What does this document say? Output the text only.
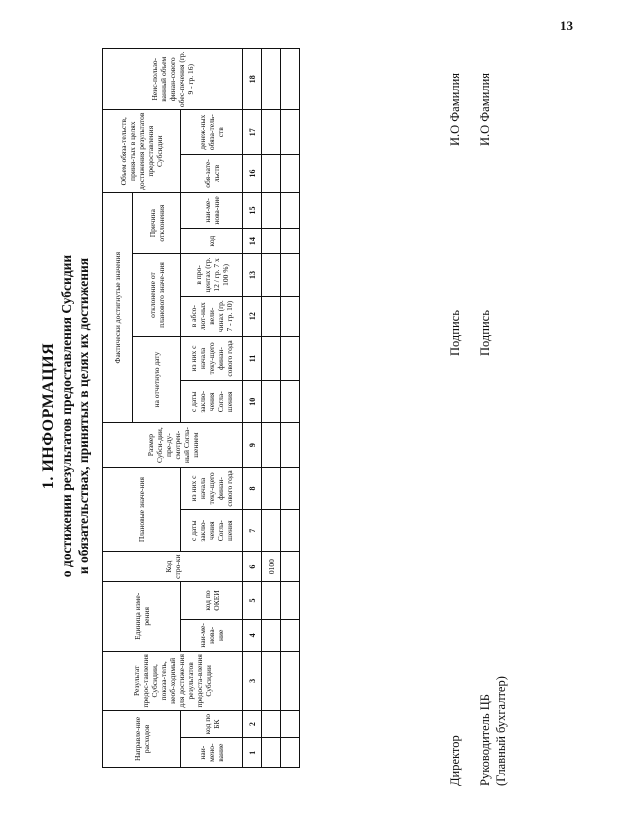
13
1. ИНФОРМАЦИЯ о достижении результатов предоставления Субсидии и обязательствах, принятых в целях их достижения
Направле-ние расходов		Результат предос-тавления Субсидии, показа-тель, необ-ходимый для достиже-ния результатов предоста-вления Субсидии	Единица изме-рения		Код стро-ки	Плановые значе-ния		Размер Субси-дии, пре-ду-смотрен-ный Согла-шением	Фактически достигнутые значения						Объем обяза-тельств, приня-тых в целях достижения результатов предоставления Субсидии		Неис-пользо-ванный объем финан-сового обес-печения (гр. 9 - гр. 16)
									на отчетную дату		отклонение от планового значе-ния		Причина отклонения				
наи-мено-вание	код по БК		наи-ме-нова-ние	код по ОКЕИ		с даты заклю-чения Согла-шения	из них с начала теку-щего финан-сового года		с даты заклю-чения Согла-шения	из них с начала теку-щего финан-сового года	в абсо-лют-ных вели-чинах (гр. 7 - гр. 10)	в про-центах (гр. 12 / гр. 7 x 100 %)	код	наи-ме-нова-ние	обя-зате-льств	денеж-ных обяза-тель-ств	
1	2	3	4	5	6	7	8	9	10	11	12	13	14	15	16	17	18
					0100												

Директор Руководитель ЦБ (Главный бухгалтер)
Подпись Подпись
И.О Фамилия И.О Фамилия
